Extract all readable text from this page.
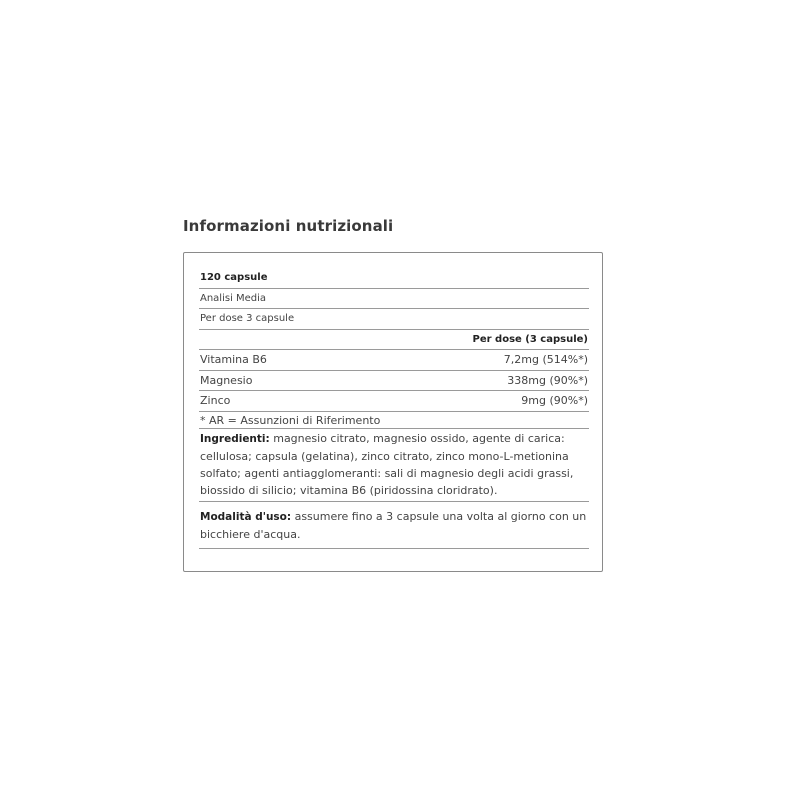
Informazioni nutrizionali
120 capsule
Analisi Media
Per dose 3 capsule
Per dose (3 capsule)
Vitamina B6	7,2mg (514%*)
Magnesio	338mg (90%*)
Zinco	9mg (90%*)
* AR = Assunzioni di Riferimento
Ingredienti: magnesio citrato, magnesio ossido, agente di carica: cellulosa; capsula (gelatina), zinco citrato, zinco mono-L-metionina solfato; agenti antiagglomeranti: sali di magnesio degli acidi grassi, biossido di silicio; vitamina B6 (piridossina cloridrato).
Modalità d'uso: assumere fino a 3 capsule una volta al giorno con un bicchiere d'acqua.
